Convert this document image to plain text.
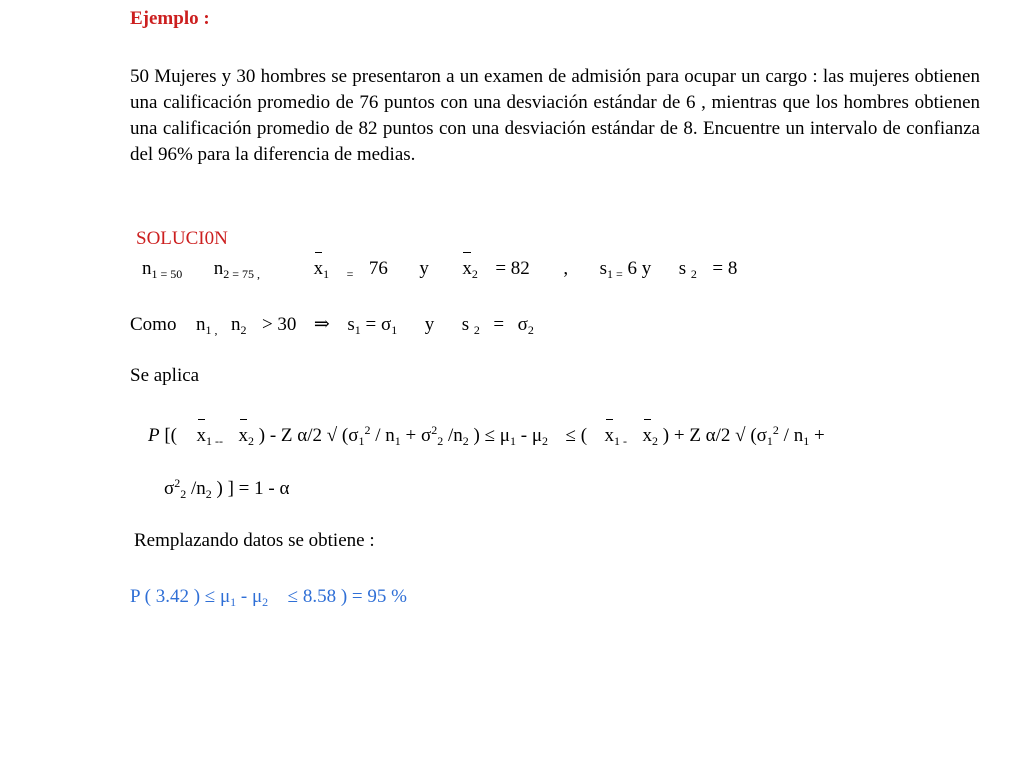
Ejemplo :
50 Mujeres y 30 hombres se presentaron a un examen de admisión para ocupar un cargo : las mujeres obtienen una calificación promedio de 76 puntos con una desviación estándar de 6 , mientras que los hombres obtienen una calificación promedio de 82 puntos con una desviación estándar de 8. Encuentre un intervalo de confianza del 96% para la diferencia de medias.
SOLUCI0N
$n_{1 = 50}$ $n_{2 = 75 ,}$	$x_1$ $_=$ 76 y $x_2 = 82$ , $s_{1 =}$ 6 y s $_2$ = 8
Como $n_{1 ,}$ $n_2 > 30$ ⇒ $s_1 = \sigma_1$ y s $_2 = \sigma_2$
Se aplica
P [( $x_{1 --}$ $x_2$ ) - Z α/2 √ ($\sigma_1^2 / n_1 + \sigma^2_2$ $/n_2$ ) ≤ $\mu_1 - \mu_2$ ≤ ( $x_{1 -}$ $x_2$ ) + Z α/2 √ ($\sigma_1^2 / n_1$ +
$\sigma^2_2$ $/n_2$ ) ] = 1 - α
Remplazando datos se obtiene :
P ( 3.42 ) ≤ $\mu_1 - \mu_2 \le 8.58$ ) = 95 %
